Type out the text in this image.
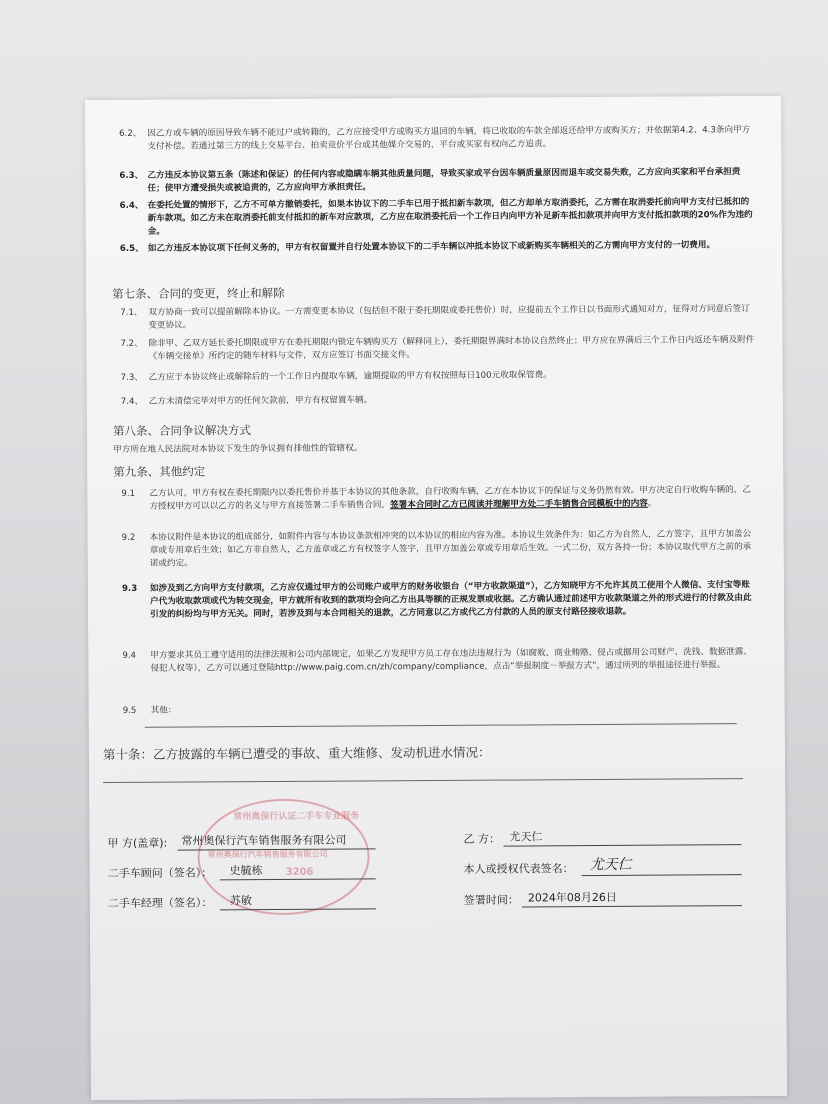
6.2、 因乙方或车辆的原因导致车辆不能过户或转籍的，乙方应接受甲方或购买方退回的车辆，将已收取的车款全部返还给甲方或购买方；并依据第4.2、4.3条向甲方支付补偿。若通过第三方的线上交易平台、拍卖竞价平台或其他媒介交易的，平台或买家有权向乙方追责。
6.3、 乙方违反本协议第五条（陈述和保证）的任何内容或隐瞒车辆其他质量问题，导致买家或平台因车辆质量原因而退车或交易失败，乙方应向买家和平台承担责任；使甲方遭受损失或被追责的，乙方应向甲方承担责任。
6.4、 在委托处置的情形下，乙方不可单方撤销委托，如果本协议下的二手车已用于抵扣新车款项，但乙方却单方取消委托，乙方需在取消委托前向甲方支付已抵扣的新车款项。如乙方未在取消委托前支付抵扣的新车对应款项，乙方应在取消委托后一个工作日内向甲方补足新车抵扣款项并向甲方支付抵扣款项的20%作为违约金。
6.5、 如乙方违反本协议项下任何义务的，甲方有权留置并自行处置本协议下的二手车辆以冲抵本协议下或新购买车辆相关的乙方需向甲方支付的一切费用。
第七条、合同的变更，终止和解除
7.1、 双方协商一致可以提前解除本协议。一方需变更本协议（包括但不限于委托期限或委托售价）时，应提前五个工作日以书面形式通知对方，征得对方同意后签订变更协议。
7.2、 除非甲、乙双方延长委托期限或甲方在委托期限内锁定车辆购买方（解释同上），委托期限界满时本协议自然终止；甲方应在界满后三个工作日内返还车辆及附件《车辆交接单》所约定的随车材料与文件，双方应签订书面交接文件。
7.3、 乙方应于本协议终止或解除后的一个工作日内提取车辆，逾期提取的甲方有权按照每日100元收取保管费。
7.4、 乙方未清偿完毕对甲方的任何欠款前，甲方有权留置车辆。
第八条、合同争议解决方式
甲方所在地人民法院对本协议下发生的争议拥有排他性的管辖权。
第九条、其他约定
9.1 乙方认可，甲方有权在委托期限内以委托售价并基于本协议的其他条款，自行收购车辆，乙方在本协议下的保证与义务仍然有效。甲方决定自行收购车辆的，乙方授权甲方可以以乙方的名义与甲方直接签署二手车销售合同，签署本合同时乙方已阅读并理解甲方处二手车销售合同模板中的内容。
9.2 本协议附件是本协议的组成部分，如附件内容与本协议条款相冲突的以本协议的相应内容为准。本协议生效条件为：如乙方为自然人，乙方签字，且甲方加盖公章或专用章后生效；如乙方非自然人，乙方盖章或乙方有权签字人签字，且甲方加盖公章或专用章后生效。一式二份，双方各持一份；本协议取代甲方之前的承诺或约定。
9.3 如涉及到乙方向甲方支付款项，乙方应仅通过甲方的公司账户或甲方的财务收银台（“甲方收款渠道”），乙方知晓甲方不允许其员工使用个人微信、支付宝等账户代为收取款项或代为转交现金，甲方就所有收到的款项均会向乙方出具等额的正规发票或收据。乙方确认通过前述甲方收款渠道之外的形式进行的付款及由此引发的纠纷均与甲方无关。同时，若涉及到与本合同相关的退款，乙方同意以乙方或代乙方付款的人员的原支付路径接收退款。
9.4 甲方要求其员工遵守适用的法律法规和公司内部规定，如果乙方发现甲方员工存在违法违规行为（如腐败、商业贿赂、侵占或挪用公司财产、洗钱、数据泄露、侵犯人权等），乙方可以通过登陆http://www.paig.com.cn/zh/company/compliance，点击“举报制度－举报方式”，通过所列的举报途径进行举报。
9.5 其他：
第十条：乙方披露的车辆已遭受的事故、重大维修、发动机进水情况：
常州奥保行认证二手车专业服务
常州奥保行汽车销售服务有限公司
3206
甲 方(盖章): 常州奥保行汽车销售服务有限公司
二手车顾问（签名）： 史毓栋
二手车经理（签名）： 苏敏
乙 方： 尤天仁
本人或授权代表签名： 尤天仁
签署时间： 2024年08月26日
